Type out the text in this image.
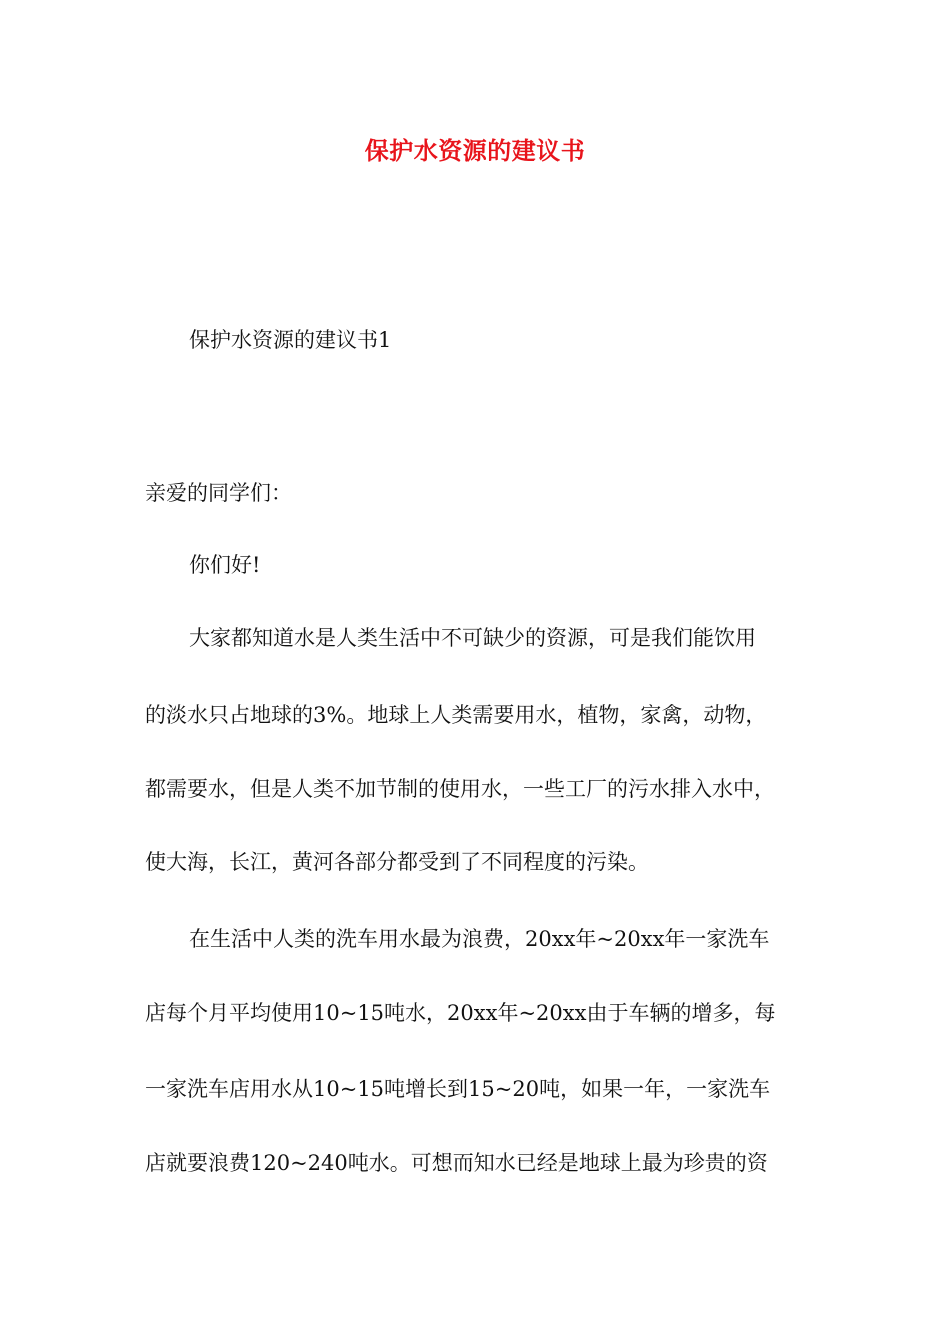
保护水资源的建议书
保护水资源的建议书1
亲爱的同学们：
你们好!
大家都知道水是人类生活中不可缺少的资源，可是我们能饮用
的淡水只占地球的3%。地球上人类需要用水，植物，家禽，动物，
都需要水，但是人类不加节制的使用水，一些工厂的污水排入水中，
使大海，长江，黄河各部分都受到了不同程度的污染。
在生活中人类的洗车用水最为浪费，20xx年~20xx年一家洗车
店每个月平均使用10~15吨水，20xx年~20xx由于车辆的增多，每
一家洗车店用水从10~15吨增长到15~20吨，如果一年，一家洗车
店就要浪费120~240吨水。可想而知水已经是地球上最为珍贵的资
